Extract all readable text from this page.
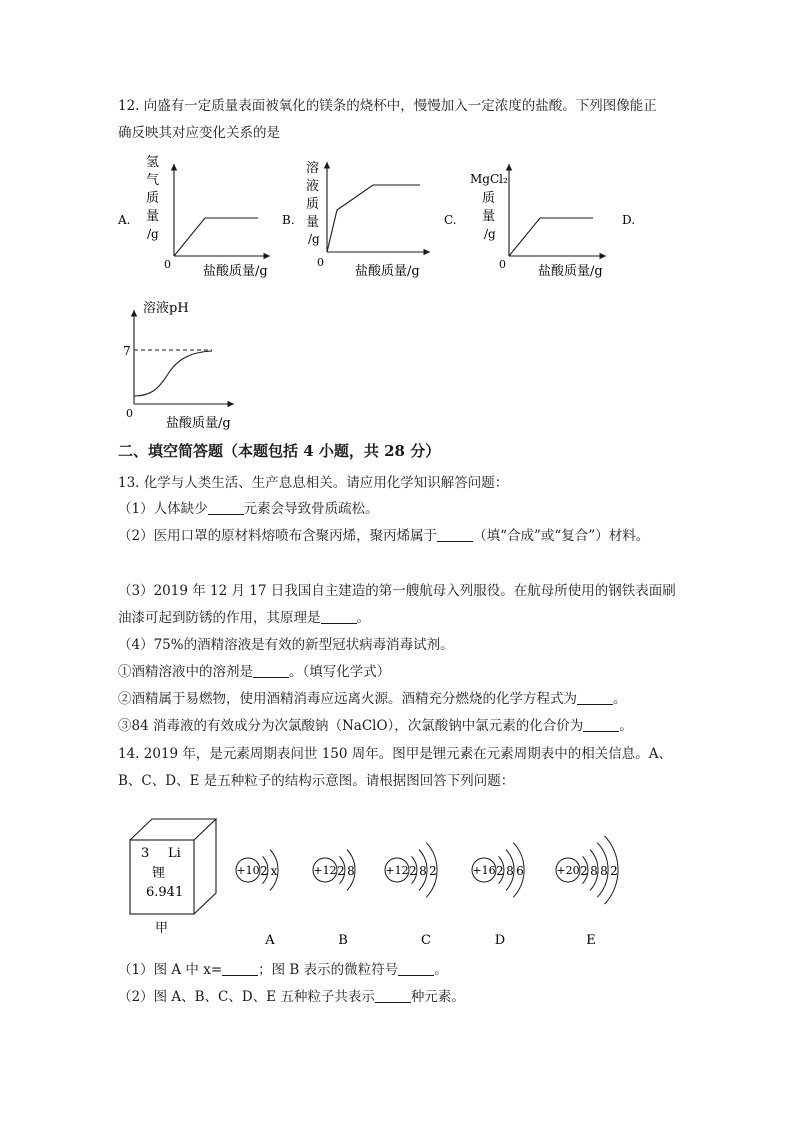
12. 向盛有一定质量表面被氧化的镁条的烧杯中，慢慢加入一定浓度的盐酸。下列图像能正
确反映其对应变化关系的是
A.
氢
气
质
量
/g
0 盐酸质量/g
B.
溶
液
质
量
/g
0
盐酸质量/g
C.
MgCl₂
质
量
/g
0 盐酸质量/g
D.
溶液pH
7
0
盐酸质量/g
二、填空简答题（本题包括 4 小题，共 28 分）
13. 化学与人类生活、生产息息相关。请应用化学知识解答问题：
（1）人体缺少	元素会导致骨质疏松。
（2）医用口罩的原材料熔喷布含聚丙烯，聚丙烯属于	（填“合成”或“复合”）材料。
（3）2019 年 12 月 17 日我国自主建造的第一艘航母入列服役。在航母所使用的钢铁表面刷
油漆可起到防锈的作用，其原理是	。
（4）75%的酒精溶液是有效的新型冠状病毒消毒试剂。
①酒精溶液中的溶剂是	。（填写化学式）
②酒精属于易燃物，使用酒精消毒应远离火源。酒精充分燃烧的化学方程式为	。
③84 消毒液的有效成分为次氯酸钠（NaClO），次氯酸钠中氯元素的化合价为	。
14. 2019 年，是元素周期表问世 150 周年。图甲是锂元素在元素周期表中的相关信息。A、
B、C、D、E 是五种粒子的结构示意图。请根据图回答下列问题：
3 Li
锂
6.941
甲
+10 2 x
A
+12 2 8
B
+12 2 8 2
C
+16 2 8 6
D
+20 2 8 8 2
E
（1）图 A 中 x=	；图 B 表示的微粒符号	。
（2）图 A、B、C、D、E 五种粒子共表示	种元素。
